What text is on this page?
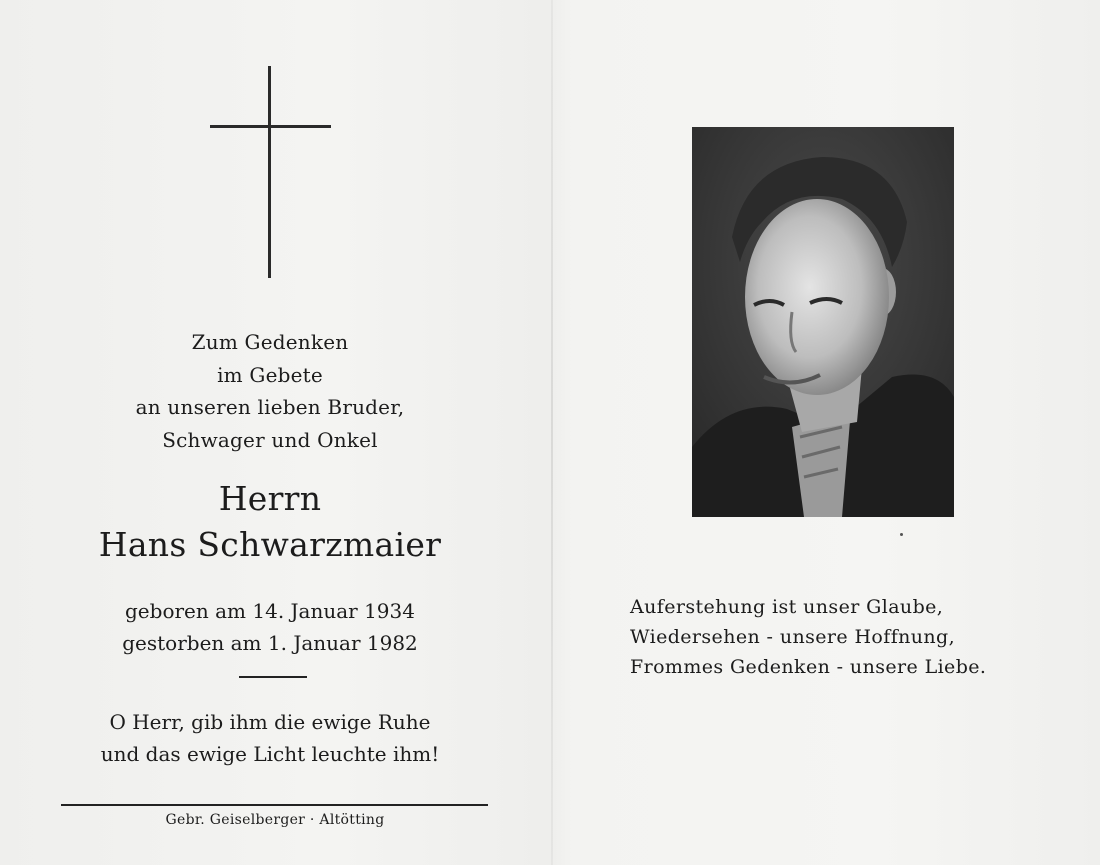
Zum Gedenken
im Gebete
an unseren lieben Bruder,
Schwager und Onkel
Herrn
Hans Schwarzmaier
geboren am 14. Januar 1934
gestorben am 1. Januar 1982
O Herr, gib ihm die ewige Ruhe
und das ewige Licht leuchte ihm!
Gebr. Geiselberger · Altötting
Auferstehung ist unser Glaube,
Wiedersehen - unsere Hoffnung,
Frommes Gedenken - unsere Liebe.
